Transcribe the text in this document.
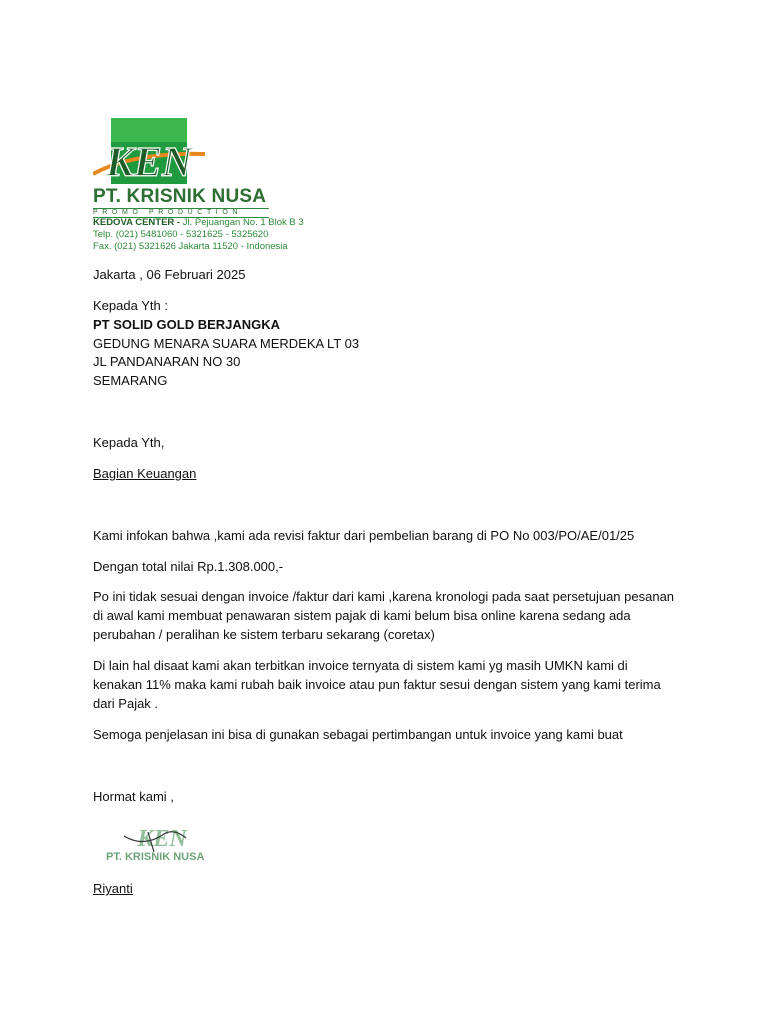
KEN
PT. KRISNIK NUSA
PROMO PRODUCTION
KEDOVA CENTER - Jl. Pejuangan No. 1 Blok B 3
Telp. (021) 5481060 - 5321625 - 5325620
Fax. (021) 5321626 Jakarta 11520 - Indonesia
Jakarta , 06 Februari 2025
Kepada Yth :
PT SOLID GOLD BERJANGKA
GEDUNG MENARA SUARA MERDEKA LT 03
JL PANDANARAN NO 30
SEMARANG
Kepada Yth,
Bagian Keuangan
Kami infokan bahwa ,kami ada revisi faktur dari pembelian barang di PO No 003/PO/AE/01/25
Dengan total nilai Rp.1.308.000,-
Po ini tidak sesuai dengan invoice /faktur dari kami ,karena kronologi pada saat persetujuan pesanan di awal kami membuat penawaran sistem pajak di kami belum bisa online karena sedang ada perubahan / peralihan ke sistem terbaru sekarang (coretax)
Di lain hal disaat kami akan terbitkan invoice ternyata di sistem kami yg masih UMKN kami di kenakan 11% maka kami rubah baik invoice atau pun faktur sesui dengan sistem yang kami terima dari Pajak .
Semoga penjelasan ini bisa di gunakan sebagai pertimbangan untuk invoice yang kami buat
Hormat kami ,
KEN
PT. KRISNIK NUSA
Riyanti
